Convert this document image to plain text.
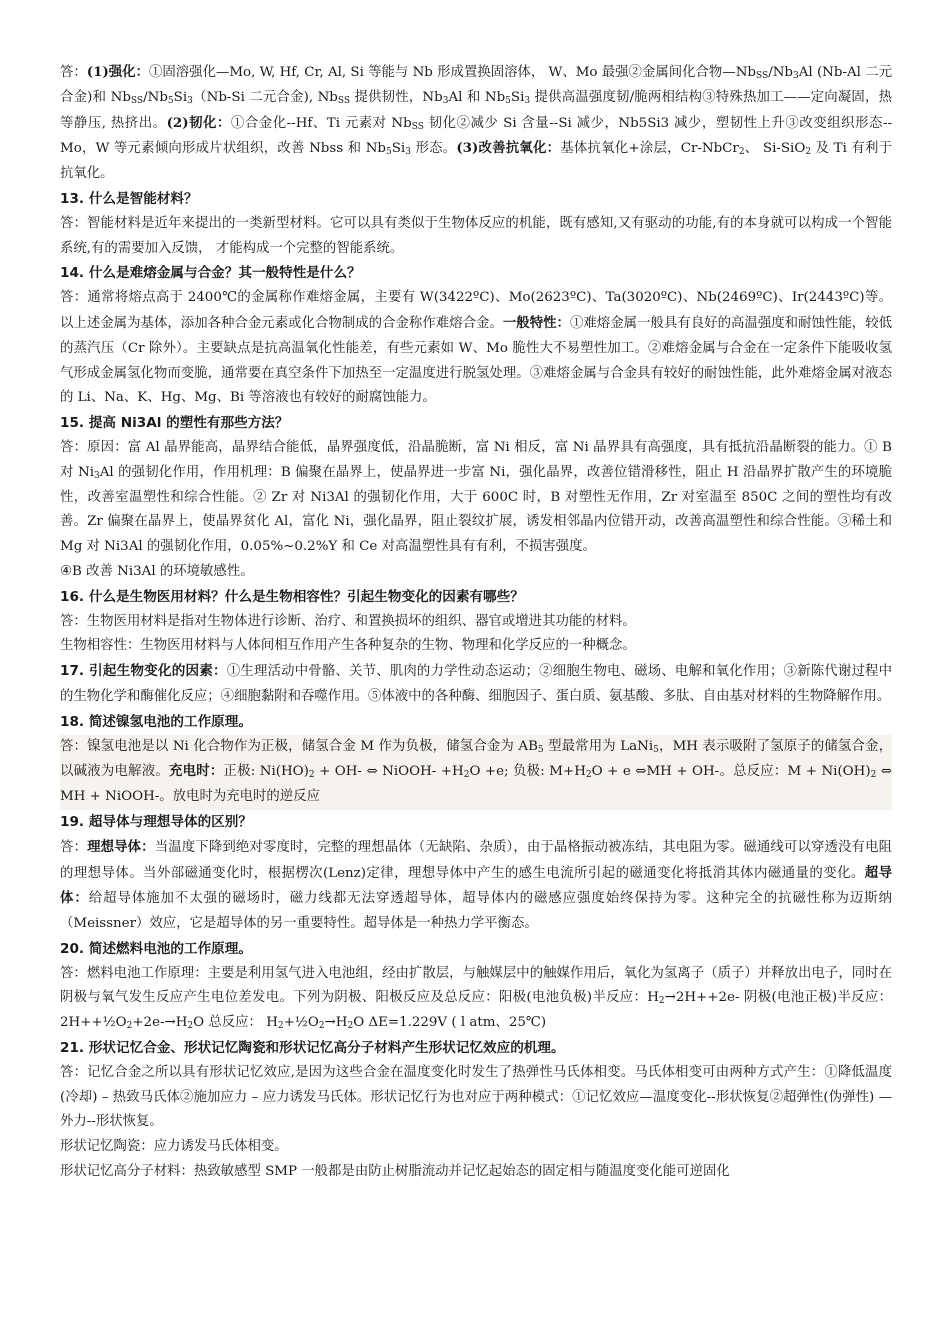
答：(1)强化：①固溶强化—Mo, W, Hf, Cr, Al, Si 等能与 Nb 形成置换固溶体， W、Mo 最强②金属间化合物$—Nb_{SS}/Nb_3Al$ (Nb-Al 二元合金)和 $Nb_{SS}/Nb_5Si_3(Nb-Si$ 二元合金), $Nb_{SS}$ 提供韧性，$Nb_3Al$ 和 $Nb_5Si_3$ 提供高温强度韧/脆两相结构③特殊热加工——定向凝固，热等静压, 热挤出。(2)韧化：①合金化--Hf、Ti 元素对 $Nb_{SS}$ 韧化②减少 Si 含量--Si 减少，Nb5Si3 减少，塑韧性上升③改变组织形态--Mo，W 等元素倾向形成片状组织，改善 Nbss 和 $Nb_5Si_3$ 形态。(3)改善抗氧化：基体抗氧化+涂层，Cr-NbCr$_2$、 Si-SiO$_2$ 及 Ti 有利于抗氧化。

13. 什么是智能材料？

答：智能材料是近年来提出的一类新型材料。它可以具有类似于生物体反应的机能，既有感知,又有驱动的功能,有的本身就可以构成一个智能系统,有的需要加入反馈， 才能构成一个完整的智能系统。

14. 什么是难熔金属与合金？其一般特性是什么？

答：通常将熔点高于 2400℃的金属称作难熔金属，主要有 W(3422ºC)、Mo(2623ºC)、Ta(3020ºC)、Nb(2469ºC)、Ir(2443ºC)等。以上述金属为基体，添加各种合金元素或化合物制成的合金称作难熔合金。一般特性：①难熔金属一般具有良好的高温强度和耐蚀性能，较低的蒸汽压（Cr 除外）。主要缺点是抗高温氧化性能差，有些元素如 W、Mo 脆性大不易塑性加工。②难熔金属与合金在一定条件下能吸收氢气形成金属氢化物而变脆，通常要在真空条件下加热至一定温度进行脱氢处理。③难熔金属与合金具有较好的耐蚀性能，此外难熔金属对液态的 Li、Na、K、Hg、Mg、Bi 等溶液也有较好的耐腐蚀能力。

15. 提高 Ni3Al 的塑性有那些方法？

答：原因：富 Al 晶界能高，晶界结合能低，晶界强度低，沿晶脆断，富 Ni 相反，富 Ni 晶界具有高强度，具有抵抗沿晶断裂的能力。① B 对 $Ni_3Al$ 的强韧化作用，作用机理：B 偏聚在晶界上，使晶界进一步富 Ni，强化晶界，改善位错滑移性，阻止 H 沿晶界扩散产生的环境脆性，改善室温塑性和综合性能。② Zr 对 Ni3Al 的强韧化作用，大于 600C 时，B 对塑性无作用，Zr 对室温至 850C 之间的塑性均有改善。Zr 偏聚在晶界上，使晶界贫化 Al，富化 Ni，强化晶界，阻止裂纹扩展，诱发相邻晶内位错开动，改善高温塑性和综合性能。③稀土和 Mg 对 Ni3Al 的强韧化作用，0.05%~0.2%Y 和 Ce 对高温塑性具有有利，不损害强度。

④B 改善 Ni3Al 的环境敏感性。

16. 什么是生物医用材料？什么是生物相容性？引起生物变化的因素有哪些？

答：生物医用材料是指对生物体进行诊断、治疗、和置换损坏的组织、器官或增进其功能的材料。

生物相容性：生物医用材料与人体间相互作用产生各种复杂的生物、物理和化学反应的一种概念。

17. 引起生物变化的因素：①生理活动中骨骼、关节、肌肉的力学性动态运动；②细胞生物电、磁场、电解和氧化作用；③新陈代谢过程中的生物化学和酶催化反应；④细胞黏附和吞噬作用。⑤体液中的各种酶、细胞因子、蛋白质、氨基酸、多肽、自由基对材料的生物降解作用。

18. 简述镍氢电池的工作原理。

答：镍氢电池是以 Ni 化合物作为正极，储氢合金 M 作为负极，储氢合金为 $AB_5$ 型最常用为 LaNi$_5$，MH 表示吸附了氢原子的储氢合金，以碱液为电解液。充电时：正极: $Ni(HO)_2 + OH-$ ⇔ NiOOH- $+H_2O +e$; 负极: $M+H_2O + e$ ⇔MH + OH-。总反应：$M + Ni(OH)_2$ ⇔ MH + NiOOH-。放电时为充电时的逆反应

19. 超导体与理想导体的区别？

答：理想导体：当温度下降到绝对零度时，完整的理想晶体（无缺陷、杂质），由于晶格振动被冻结，其电阻为零。磁通线可以穿透没有电阻的理想导体。当外部磁通变化时，根据楞次(Lenz)定律，理想导体中产生的感生电流所引起的磁通变化将抵消其体内磁通量的变化。超导体：给超导体施加不太强的磁场时，磁力线都无法穿透超导体，超导体内的磁感应强度始终保持为零。这种完全的抗磁性称为迈斯纳（Meissner）效应，它是超导体的另一重要特性。超导体是一种热力学平衡态。

20. 简述燃料电池的工作原理。

答：燃料电池工作原理：主要是利用氢气进入电池组，经由扩散层，与触媒层中的触媒作用后，氧化为氢离子（质子）并释放出电子，同时在阴极与氧气发生反应产生电位差发电。下列为阴极、阳极反应及总反应：阳极(电池负极)半反应：$H_2\to 2H++2e-$ 阴极(电池正极)半反应： $2H++\frac{1}{2}O_2+2e-\to H_2O$ 总反应： $H_2+\frac{1}{2}O_2\to H_2O$ ΔE=1.229V ( l atm、25℃)

21. 形状记忆合金、形状记忆陶瓷和形状记忆高分子材料产生形状记忆效应的机理。

答：记忆合金之所以具有形状记忆效应,是因为这些合金在温度变化时发生了热弹性马氏体相变。马氏体相变可由两种方式产生：①降低温度(冷却) – 热致马氏体②施加应力 – 应力诱发马氏体。形状记忆行为也对应于两种模式：①记忆效应—温度变化--形状恢复②超弹性(伪弹性) —外力--形状恢复。

形状记忆陶瓷：应力诱发马氏体相变。

形状记忆高分子材料：热致敏感型 SMP 一般都是由防止树脂流动并记忆起始态的固定相与随温度变化能可逆固化
